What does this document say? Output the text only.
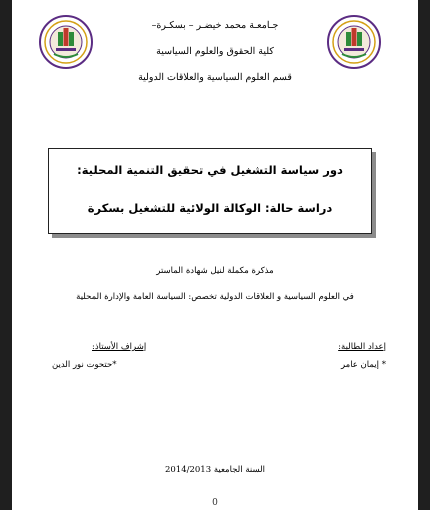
جـامعـة محمد خيضـر – بسكـرة–
كلية الحقوق والعلوم السياسية
قسم العلوم السياسية والعلاقات الدولية
دور سياسة التشغيل في تحقيق التنمية المحلية:
دراسة حالة: الوكالة الولائية للتشغيل بسكرة
مذكرة مكملة لنيل شهادة الماستر
في العلوم السياسية و العلاقات الدولية تخصص: السياسة العامة والإدارة المحلية
إعداد الطالبة:
* إيمان عامر
إشراف الأستاذ:
*حتحوت نور الدين
السنة الجامعية 2014/2013
0
